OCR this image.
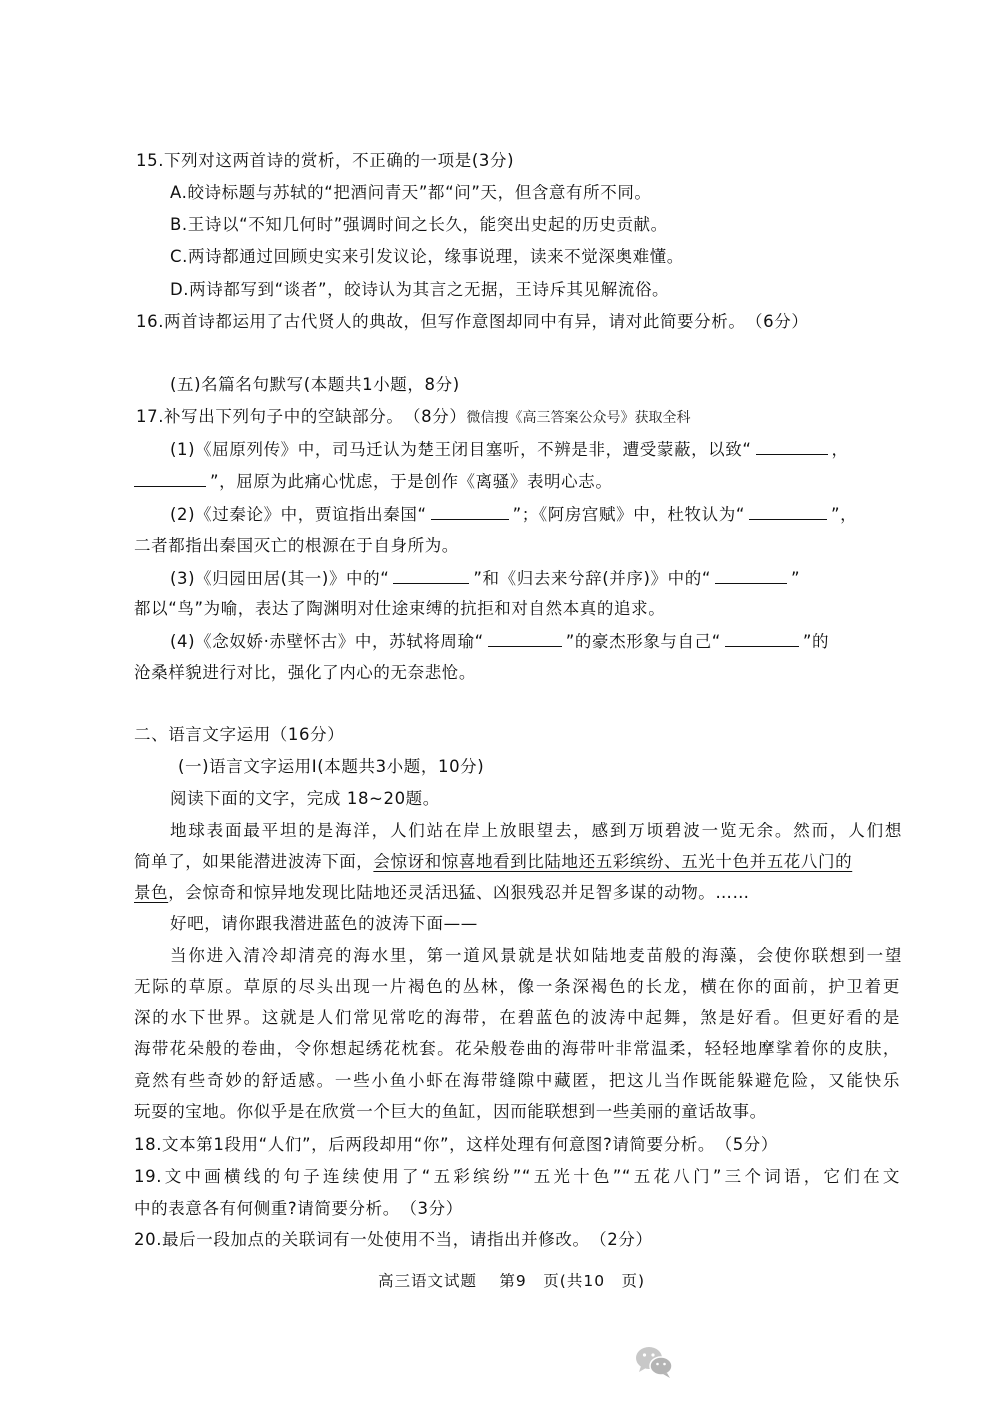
15.下列对这两首诗的赏析，不正确的一项是(3分)
A.皎诗标题与苏轼的“把酒问青天”都“问”天，但含意有所不同。
B.王诗以“不知几何时”强调时间之长久，能突出史起的历史贡献。
C.两诗都通过回顾史实来引发议论，缘事说理，读来不觉深奥难懂。
D.两诗都写到“谈者”，皎诗认为其言之无据，王诗斥其见解流俗。
16.两首诗都运用了古代贤人的典故，但写作意图却同中有异，请对此简要分析。　（6分）
(五)名篇名句默写(本题共1小题，8分)
17.补写出下列句子中的空缺部分。　（8分）微信搜《高三答案公众号》获取全科
(1)《屈原列传》中，司马迁认为楚王闭目塞听，不辨是非，遭受蒙蔽，以致“	，
”，屈原为此痛心忧虑，于是创作《离骚》表明心志。
(2)《过秦论》中，贾谊指出秦国“	”；《阿房宫赋》中，杜牧认为“	”，
二者都指出秦国灭亡的根源在于自身所为。
(3)《归园田居(其一)》中的“	”和《归去来兮辞(并序)》中的“	”
都以“鸟”为喻，表达了陶渊明对仕途束缚的抗拒和对自然本真的追求。
(4)《念奴娇·赤壁怀古》中，苏轼将周瑜“	”的豪杰形象与自己“	”的
沧桑样貌进行对比，强化了内心的无奈悲怆。
二、语言文字运用（16分）
(一)语言文字运用Ⅰ(本题共3小题，10分)
阅读下面的文字，完成 18~20题。
地球表面最平坦的是海洋，人们站在岸上放眼望去，感到万顷碧波一览无余。然而，人们想
简单了，如果能潜进波涛下面，会惊讶和惊喜地看到比陆地还五彩缤纷、五光十色并五花八门的
景色，会惊奇和惊异地发现比陆地还灵活迅猛、凶狠残忍并足智多谋的动物。……
好吧，请你跟我潜进蓝色的波涛下面——
当你进入清冷却清亮的海水里，第一道风景就是状如陆地麦苗般的海藻，会使你联想到一望
无际的草原。草原的尽头出现一片褐色的丛林，像一条深褐色的长龙，横在你的面前，护卫着更
深的水下世界。这就是人们常见常吃的海带，在碧蓝色的波涛中起舞，煞是好看。但更好看的是
海带花朵般的卷曲，令你想起绣花枕套。花朵般卷曲的海带叶非常温柔，轻轻地摩挲着你的皮肤，
竟然有些奇妙的舒适感。一些小鱼小虾在海带缝隙中藏匿，把这儿当作既能躲避危险，又能快乐
玩耍的宝地。你似乎是在欣赏一个巨大的鱼缸，因而能联想到一些美丽的童话故事。
18.文本第1段用“人们”，后两段却用“你”，这样处理有何意图?请简要分析。　（5分）
19.文中画横线的句子连续使用了“五彩缤纷”“五光十色”“五花八门”三个词语，它们在文
中的表意各有何侧重?请简要分析。　（3分）
20.最后一段加点的关联词有一处使用不当，请指出并修改。　（2分）
高三语文试题　 第9　页(共10　页)
